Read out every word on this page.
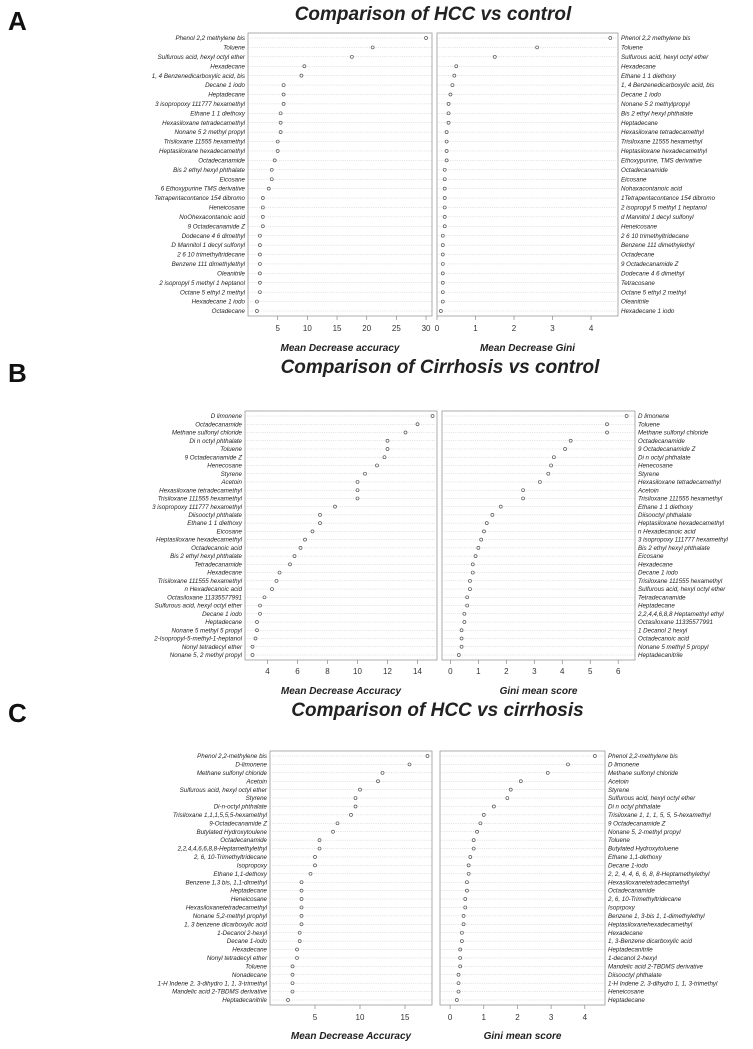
A	Comparison of HCC vs control
Phenol 2,2 methylene bis
Toluene
Sulfurous acid, hexyl octyl ether
Hexadecane
1, 4 Benzenedicarboxylic acid, bis
Decane 1 iodo
Heptadecane
3 isopropoxy 111777 hexamethyl
Ethane 1 1 diethoxy
Hexasiloxane tetradecamethyl
Nonane 5 2 methyl propyl
Trisiloxane 11555 hexamethyl
Heptasiloxane hexadecamethyl
Octadecanamide
Bis 2 ethyl hexyl phthalate
Eicosane
6 Ethoxypurine TMS derivative
Tetrapentacontance 154 dibromo
Heneicosane
NoOhexacontanoic acid
9 Octadecanamide Z
Dodecane 4 6 dimethyl
D Mannitol 1 decyl sulfonyl
2 6 10 trimethyltridecane
Benzene 111 dimethylethyl
Oleanitrile
2 isopropyl 5 methyl 1 heptanol
Octane 5 ethyl 2 methyl
Hexadecane 1 iodo
Octadecane
5	10	15	20	25	30
Mean Decrease accuracy
Phenol 2,2 methylene bis
Toluene
Sulfurous acid, hexyl octyl ether
Hexadecane
Ethane 1 1 diethoxy
1, 4 Benzenedicarboxylic acid, bis
Decane 1 iodo
Nonane 5 2 methylpropyl
Bis 2 ethyl hexyl phthalate
Heptadecane
Hexasiloxane tetradecamethyl
Trisiloxane 11555 hexamethyl
Heptasiloxane hexadecamethyl
Ethoxypurine, TMS derivative
Octadecanamide
Eicosane
Nohaxacontanoic acid
1Tetrapentacontance 154 dibromo
2 isopropyl 5 methyl 1 heptanol
d Mannitol 1 decyl sulfonyl
Heneicosane
2 6 10 trimethyltridecane
Benzene 111 dimethylethyl
Octadecane
9 Octadecanamide Z
Dodecane 4 6 dimethyl
Tetracosane
Octane 5 ethyl 2 methyl
Oleanitrile
Hexadecane 1 iodo
0	1	2	3	4
Mean Decrease Gini
B	Comparison of Cirrhosis vs control
D limonene
Octadecanamide
Methane sulfonyl chloride
Di n octyl phthalate
Toluene
9 Octadecanamide Z
Henecosane
Styrene
Acetoin
Hexasiloxane tetradecamethyl
Trisiloxane 111555 hexamethyl
3 isopropoxy 111777 hexamethyl
Diisooctyl phthalate
Ethane 1 1 diethoxy
Eicosane
Heptasiloxane hexadecamethyl
Octadecanoic acid
Bis 2 ethyl hexyl phthalate
Tetradecanamide
Hexadecane
Trisiloxane 111555 hexamethyl
n Hexadecanoic acid
Octasiloxane 11335577991
Sulfurous acid, hexyl octyl ether
Decane 1 iodo
Heptadecane
Nonane 5 methyl 5 propyl
2-Isopropyl-5-methyl-1-heptanol
Nonyl tetradecyl ether
Nonane 5, 2 methyl propyl
4	6	8	10	12	14
Mean Decrease Accuracy
D limonene
Toluene
Methane sulfonyl chloride
Octadecanamide
9 Octadecanamide Z
Di n octyl phthalate
Henecosane
Styrene
Hexasiloxane tetradecamethyl
Acetoin
Trisiloxane 111555 hexamethyl
Ethane 1 1 diethoxy
Diisooctyl phthalate
Heptasiloxane hexadecamethyl
n Hexadecanoic acid
3 isopropoxy 111777 hexamethyl
Bis 2 ethyl hexyl phthalate
Eicosane
Hexadecane
Decane 1 iodo
Trisiloxane 111555 hexamethyl
Sulfurous acid, hexyl octyl ether
Tetradecanamide
Heptadecane
2,2,4,4,6,8,8 Heptamethyl ethyl
Octasiloxane 11335577991
1 Decanol 2 hexyl
Octadecanoic acid
Nonane 5 methyl 5 propyl
Heptadecanitrile
0	1	2	3	4	5	6
Gini mean score
C	Comparison of HCC vs cirrhosis
Phenol 2,2-methylene bis
D-limonene
Methane sulfonyl chloride
Acetoin
Sulfurous acid, hexyl octyl ether
Styrene
Di-n-octyl phthalate
Trisiloxane 1,1,1,5,5,5-hexamethyl
9-Octadecanamide Z
Butylated Hydroxytoulene
Octadecanamide
2,2,4,4,6,6,8,8-Heptamethylethyl
2, 6, 10-Trimethyltridecane
Isopropoxy
Ethane 1,1-dethoxy
Benzene 1,3 bis, 1,1-dimethyl
Heptadecane
Heneicosane
Hexasiloxanetetradecamethyl
Nonane 5,2-methyl prophyl
1, 3 benzene dicarboxylic acid
1-Decanol 2-hexyl
Decane 1-iodo
Hexadecane
Nonyl tetradecyl ether
Toluene
Nonadecane
1-H Indene 2, 3-dihydro 1, 1, 3-trimethyl
Mandelic acid 2-TBDMS derivative
Heptadecanitrile
5	10	15
Mean Decrease Accuracy
Phenol 2,2-methylene bis
D limonene
Methane sulfonyl chloride
Acetoin
Styrene
Sulfurous acid, hexyl octyl ether
Di n octyl phthalate
Trisiloxane 1, 1, 1, 5, 5, 5-hexamethyl
9 Octadecanamide Z
Nonane 5, 2-methyl propyl
Toluene
Butylated Hydroxytoluene
Ethane 1,1-dethoxy
Decane 1-iodo
2, 2, 4, 4, 6, 6, 8, 8-Heptamethylethyl
Hexasiloxanetetradecamethyl
Octadecanamide
2, 6, 10-Trimethyltridecane
Isoprpoxy
Benzene 1, 3-bis 1, 1-dimethylethyl
Heptasiloxanehexadecamethyl
Hexadecane
1, 3-Benzene dicarboxylic acid
Heptadecanitrile
1-decanol 2-hexyl
Mandelic acid 2-TBDMS derivative
Diisooctyl phthalate
1-H Indene 2, 3-dihydro 1, 1, 3-trimethyl
Heneicosane
Heptadecane
0	1	2	3	4
Gini mean score
